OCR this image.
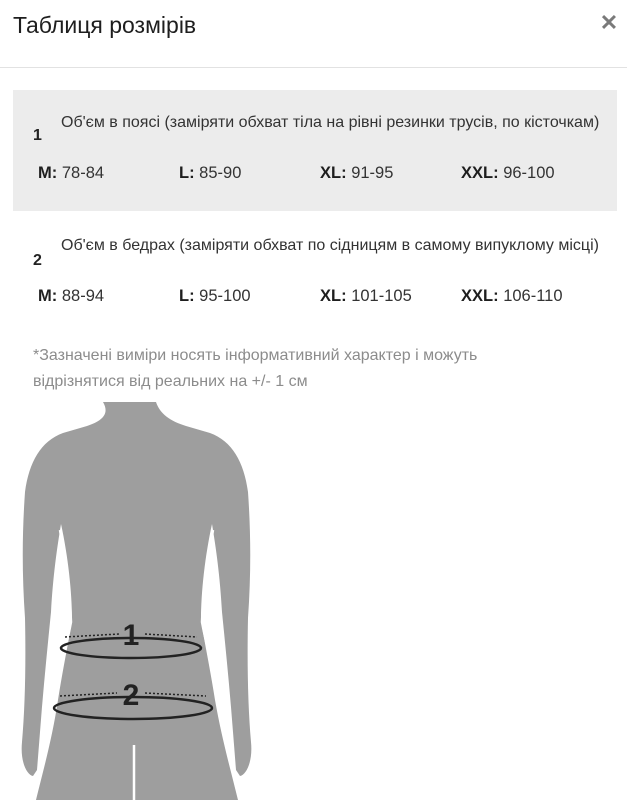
Таблиця розмірів	✕
1

Об'єм в поясі (заміряти обхват тіла на рівні резинки трусів, по кісточкам)

M: 78-84	L: 85-90	XL: 91-95	XXL: 96-100
2

Об'єм в бедрах (заміряти обхват по сідницям в самому випуклому місці)

M: 88-94	L: 95-100	XL: 101-105	XXL: 106-110

*Зазначені виміри носять інформативний характер і можуть відрізнятися від реальних на +/- 1 см

1
2
